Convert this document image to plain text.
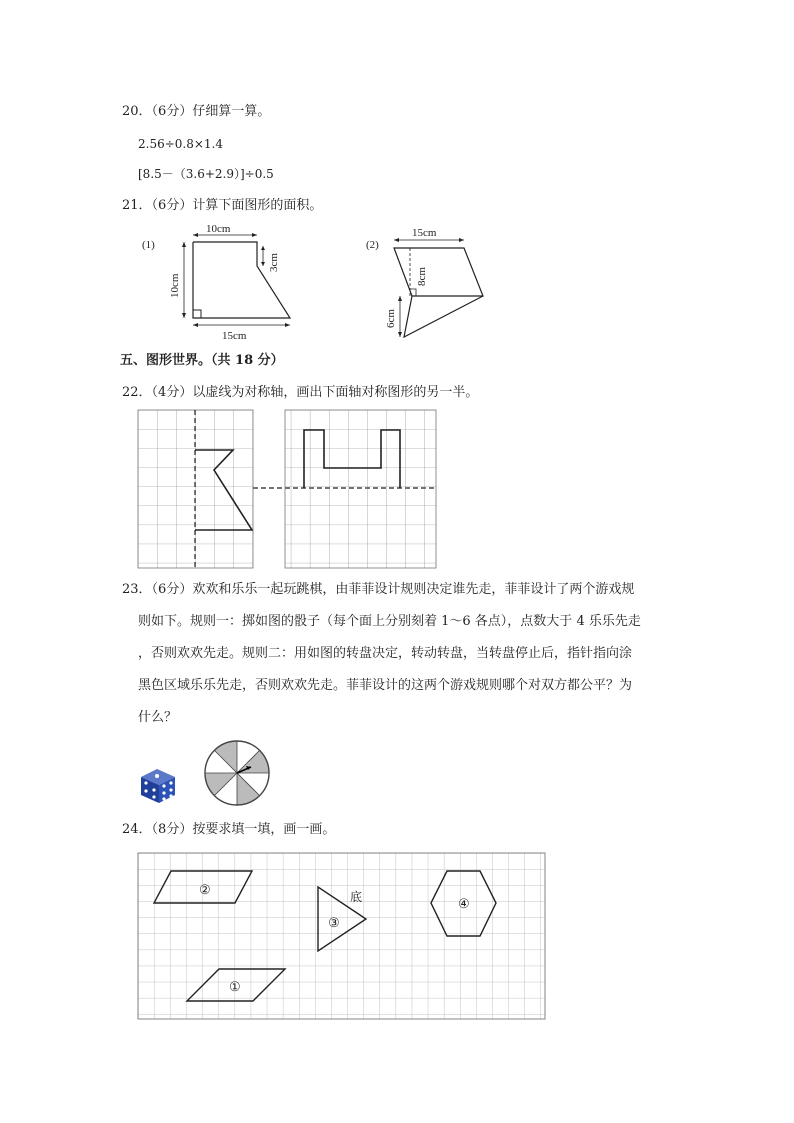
20．（6分）仔细算一算。
2.56÷0.8×1.4
[8.5－（3.6+2.9）]÷0.5
21．（6分）计算下面图形的面积。
(1)
10cm
10cm
3cm
15cm
(2)
8cm
15cm
6cm
五、图形世界。（共 18 分）
22．（4分）以虚线为对称轴，画出下面轴对称图形的另一半。
23．（6分）欢欢和乐乐一起玩跳棋，由菲菲设计规则决定谁先走，菲菲设计了两个游戏规
则如下。规则一：掷如图的骰子（每个面上分别刻着 1～6 各点），点数大于 4 乐乐先走
，否则欢欢先走。规则二：用如图的转盘决定，转动转盘，当转盘停止后，指针指向涂
黑色区域乐乐先走，否则欢欢先走。菲菲设计的这两个游戏规则哪个对双方都公平？为
什么？
24．（8分）按要求填一填，画一画。
②
③
底	④
①
